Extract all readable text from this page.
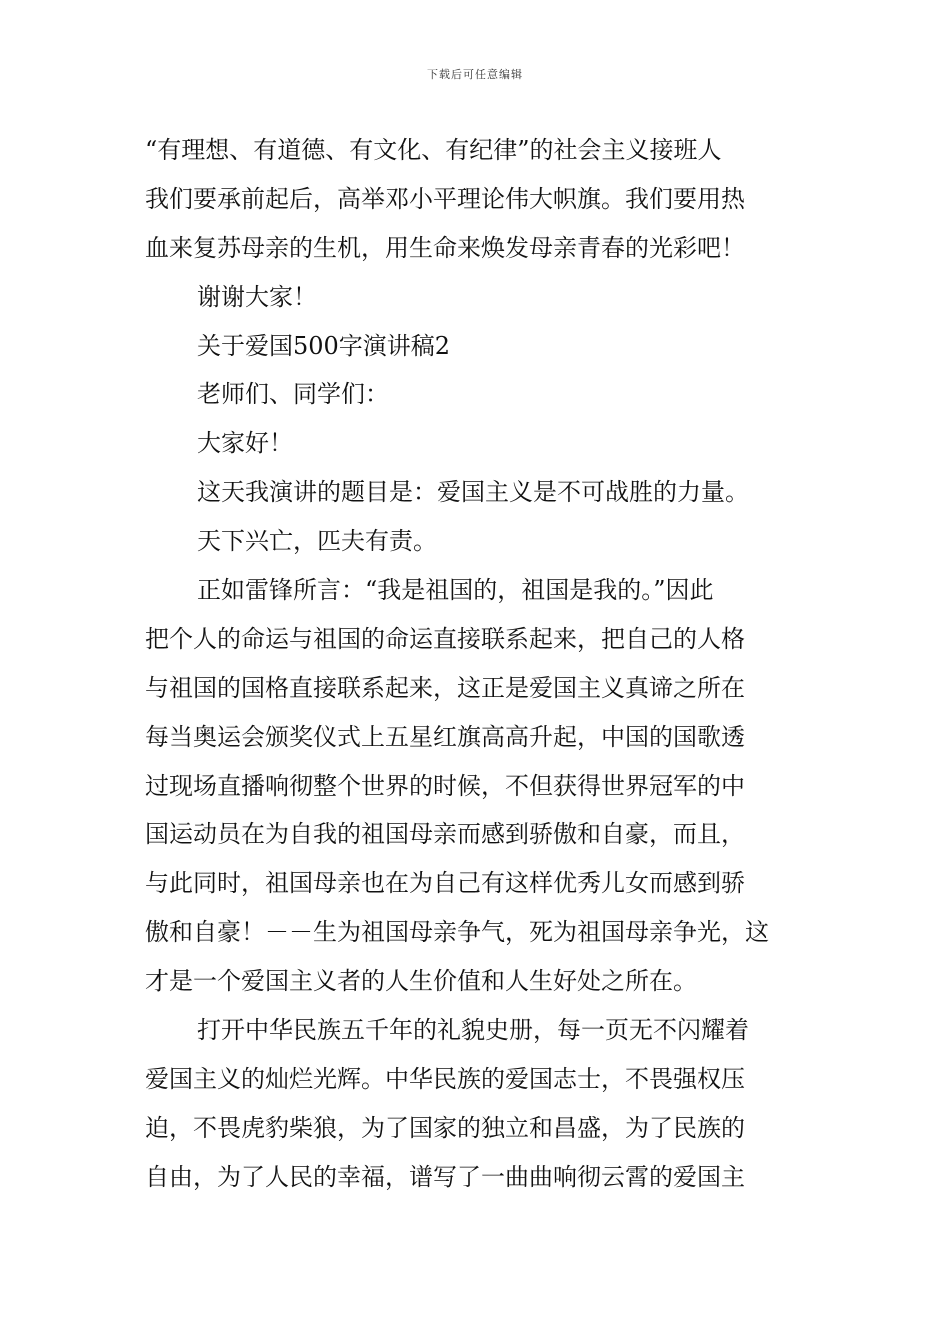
下载后可任意编辑
“有理想、有道德、有文化、有纪律”的社会主义接班人
我们要承前起后，高举邓小平理论伟大帜旗。我们要用热
血来复苏母亲的生机，用生命来焕发母亲青春的光彩吧！
谢谢大家！
关于爱国500字演讲稿2
老师们、同学们：
大家好！
这天我演讲的题目是：爱国主义是不可战胜的力量。
天下兴亡，匹夫有责。
正如雷锋所言：“我是祖国的，祖国是我的。”因此
把个人的命运与祖国的命运直接联系起来，把自己的人格
与祖国的国格直接联系起来，这正是爱国主义真谛之所在
每当奥运会颁奖仪式上五星红旗高高升起，中国的国歌透
过现场直播响彻整个世界的时候，不但获得世界冠军的中
国运动员在为自我的祖国母亲而感到骄傲和自豪，而且，
与此同时，祖国母亲也在为自己有这样优秀儿女而感到骄
傲和自豪！－－生为祖国母亲争气，死为祖国母亲争光，这
才是一个爱国主义者的人生价值和人生好处之所在。
打开中华民族五千年的礼貌史册，每一页无不闪耀着
爱国主义的灿烂光辉。中华民族的爱国志士，不畏强权压
迫，不畏虎豹柴狼，为了国家的独立和昌盛，为了民族的
自由，为了人民的幸福，谱写了一曲曲响彻云霄的爱国主
